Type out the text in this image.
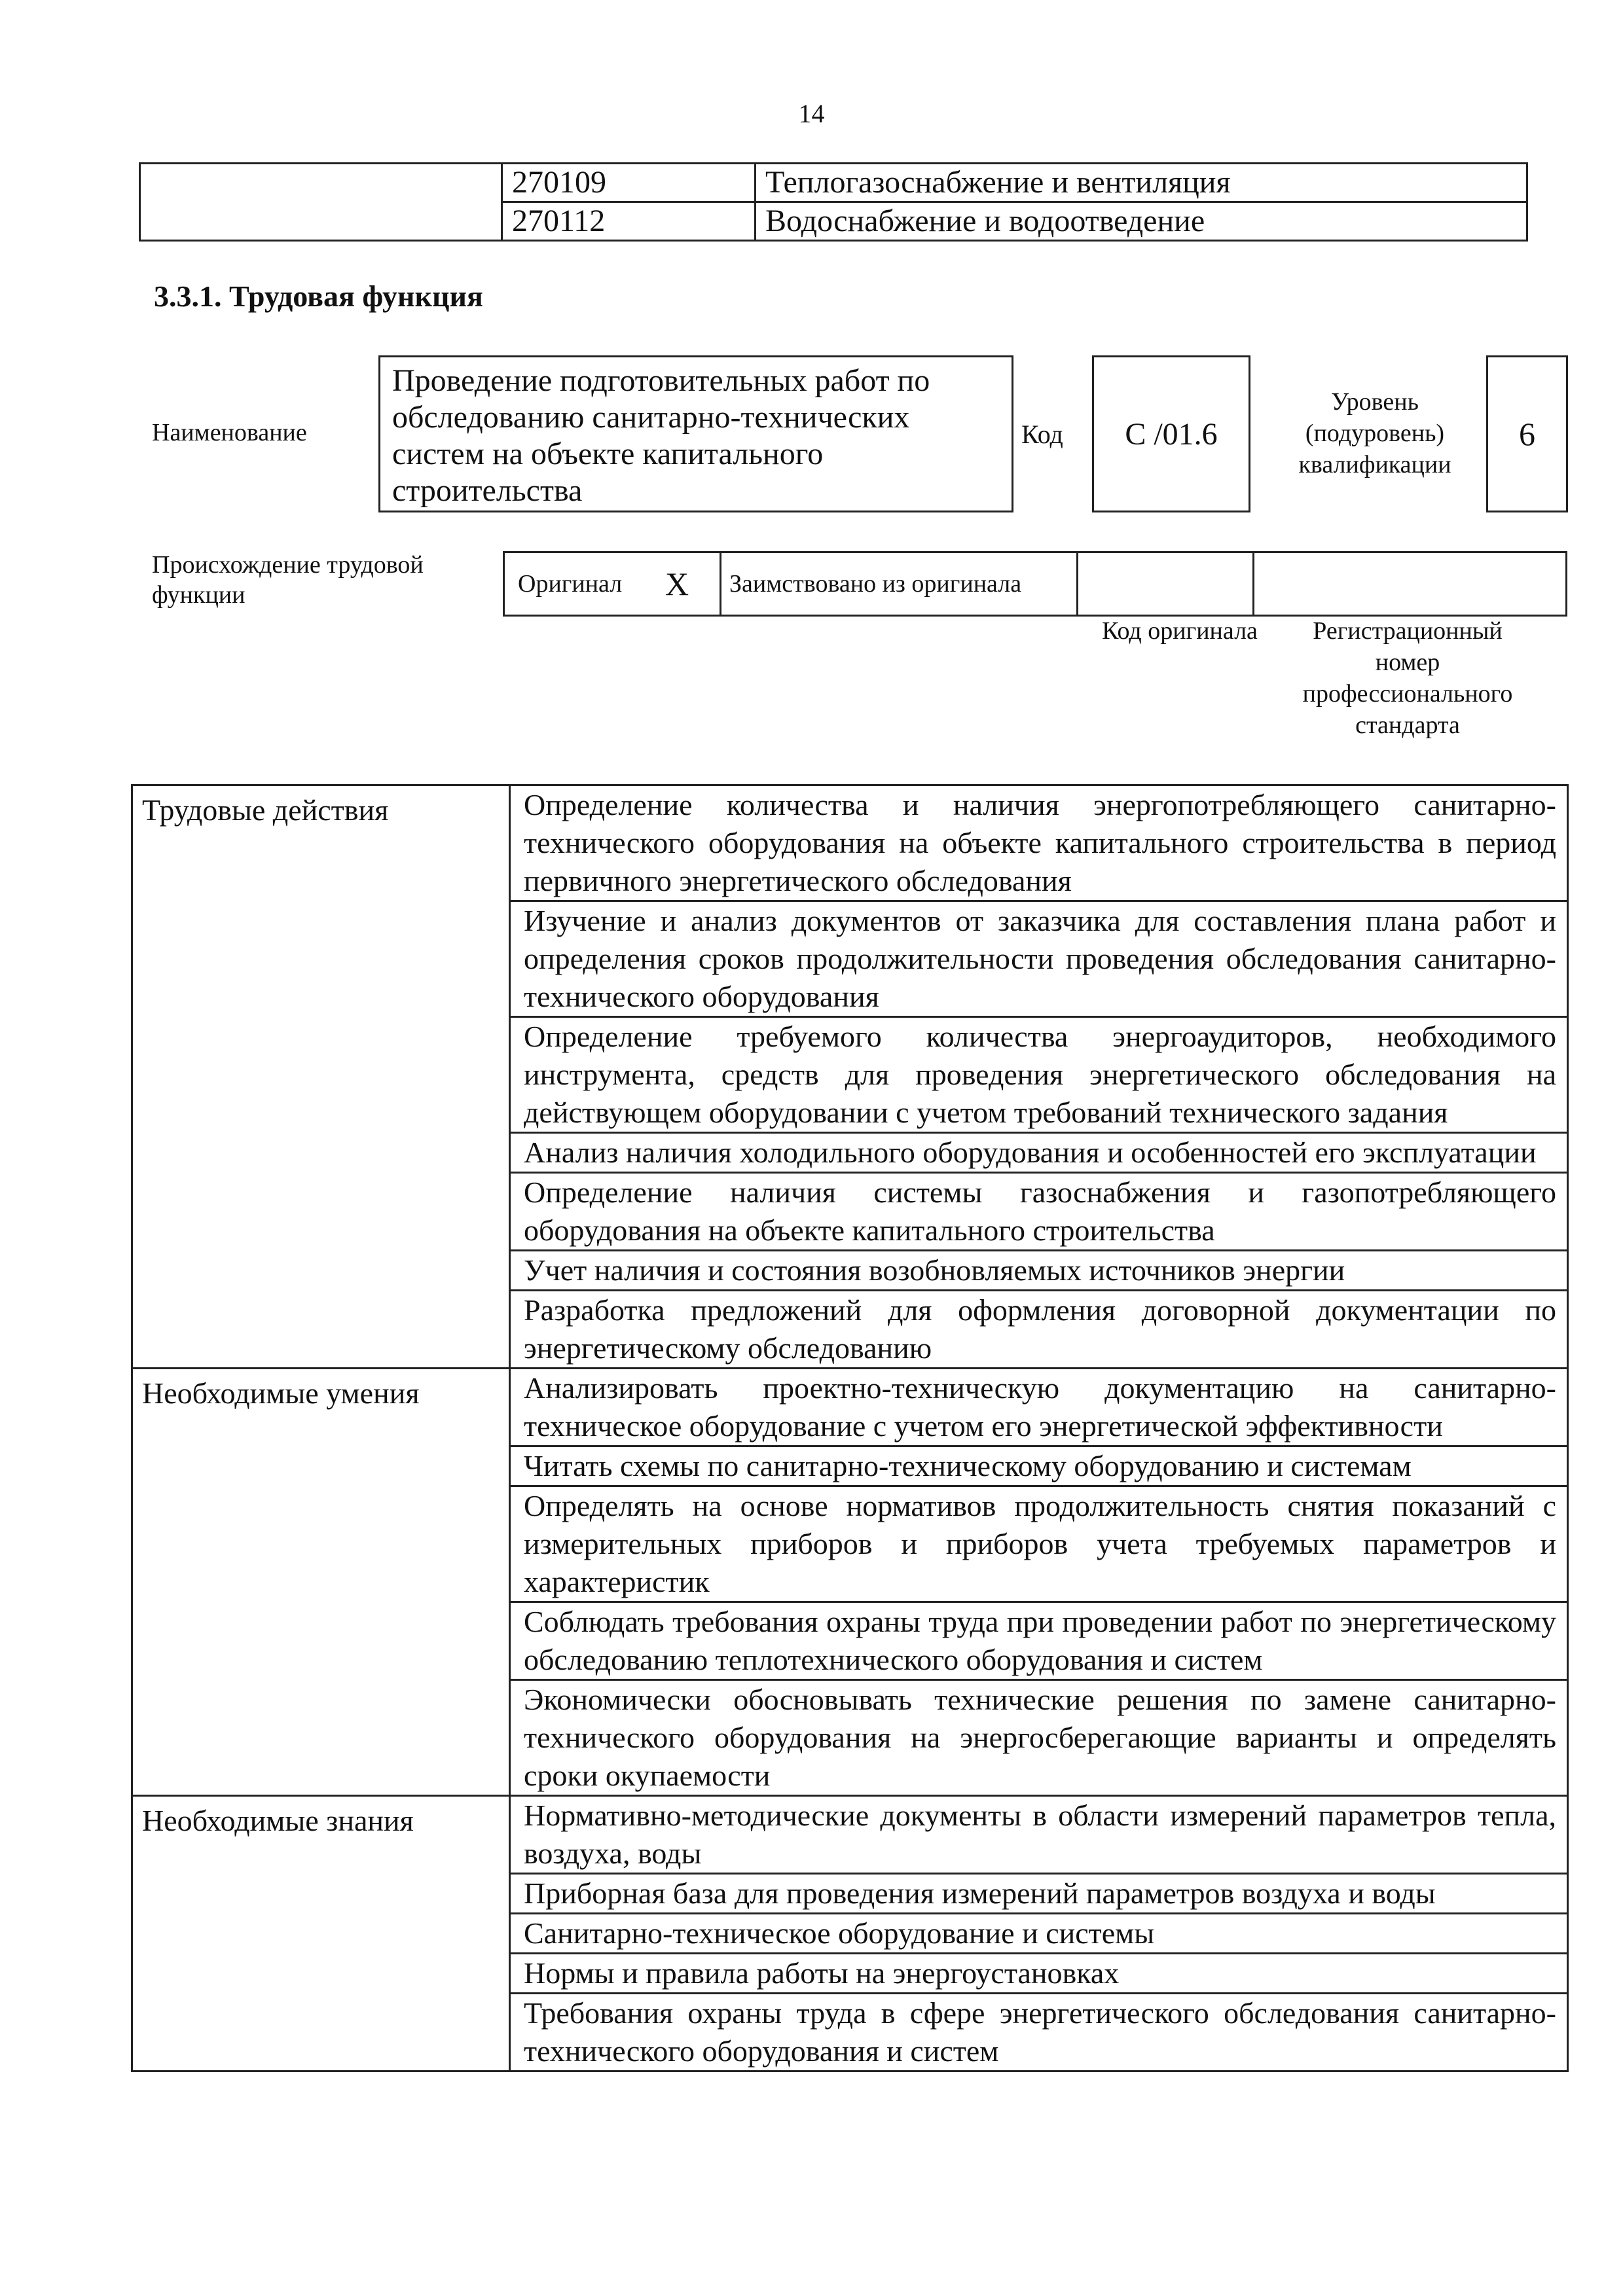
14
	270109	Теплогазоснабжение и вентиляция
	270112	Водоснабжение и водоотведение
3.3.1. Трудовая функция
Наименование
Проведение подготовительных работ по обследованию санитарно-технических систем на объекте капитального строительства
Код	C /01.6
Уровень (подуровень) квалификации
6
Происхождение трудовой функции	Оригинал	X	Заимствовано из оригинала		
Код оригинала	Регистрационный номер профессионального стандарта
Трудовые действия	Определение количества и наличия энергопотребляющего санитарно-технического оборудования на объекте капитального строительства в период первичного энергетического обследования
	Изучение и анализ документов от заказчика для составления плана работ и определения сроков продолжительности проведения обследования санитарно-технического оборудования
	Определение требуемого количества энергоаудиторов, необходимого инструмента, средств для проведения энергетического обследования на действующем оборудовании с учетом требований технического задания
	Анализ наличия холодильного оборудования и особенностей его эксплуатации
	Определение наличия системы газоснабжения и газопотребляющего оборудования на объекте капитального строительства
	Учет наличия и состояния возобновляемых источников энергии
	Разработка предложений для оформления договорной документации по энергетическому обследованию
Необходимые умения	Анализировать проектно-техническую документацию на санитарно-техническое оборудование с учетом его энергетической эффективности
	Читать схемы по санитарно-техническому оборудованию и системам
	Определять на основе нормативов продолжительность снятия показаний с измерительных приборов и приборов учета требуемых параметров и характеристик
	Соблюдать требования охраны труда при проведении работ по энергетическому обследованию теплотехнического оборудования и систем
	Экономически обосновывать технические решения по замене санитарно-технического оборудования на энергосберегающие варианты и определять сроки окупаемости
Необходимые знания	Нормативно-методические документы в области измерений параметров тепла, воздуха, воды
	Приборная база для проведения измерений параметров воздуха и воды
	Санитарно-техническое оборудование и системы
	Нормы и правила работы на энергоустановках
	Требования охраны труда в сфере энергетического обследования санитарно-технического оборудования и систем
